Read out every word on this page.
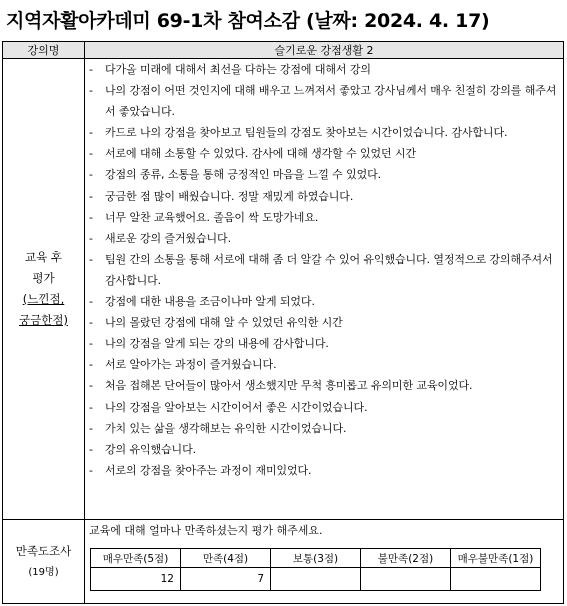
지역자활아카데미 69-1차 참여소감 (날짜: 2024. 4. 17)
강의명	슬기로운 강점생활 2

교육 후
평가
(느낀점,
궁금한점)

- 다가올 미래에 대해서 최선을 다하는 강점에 대해서 강의
- 나의 강점이 어떤 것인지에 대해 배우고 느껴져서 좋았고 강사님께서 매우 친절히 강의를 해주셔서 좋았습니다.
- 카드로 나의 강점을 찾아보고 팀원들의 강점도 찾아보는 시간이었습니다. 감사합니다.
- 서로에 대해 소통할 수 있었다. 감사에 대해 생각할 수 있었던 시간
- 강점의 종류, 소통을 통해 긍정적인 마음을 느낄 수 있었다.
- 궁금한 점 많이 배웠습니다. 정말 재밌게 하였습니다.
- 너무 알찬 교육했어요. 졸음이 싹 도망가네요.
- 새로운 강의 즐거웠습니다.
- 팀원 간의 소통을 통해 서로에 대해 좀 더 알갈 수 있어 유익했습니다. 열정적으로 강의해주셔서 감사합니다.
- 강점에 대한 내용을 조금이나마 알게 되었다.
- 나의 몰랐던 강점에 대해 알 수 있었던 유익한 시간
- 나의 강점을 알게 되는 강의 내용에 감사합니다.
- 서로 알아가는 과정이 즐거웠습니다.
- 처음 접해본 단어들이 많아서 생소했지만 무척 흥미롭고 유의미한 교육이었다.
- 나의 강점을 알아보는 시간이어서 좋은 시간이었습니다.
- 가치 있는 삶을 생각해보는 유익한 시간이었습니다.
- 강의 유익했습니다.
- 서로의 강점을 찾아주는 과정이 재미있었다.

만족도조사
(19명)

교육에 대해 얼마나 만족하셨는지 평가 해주세요.
매우만족(5점)	만족(4점)	보통(3점)	불만족(2점)	매우불만족(1점)
12	7			
